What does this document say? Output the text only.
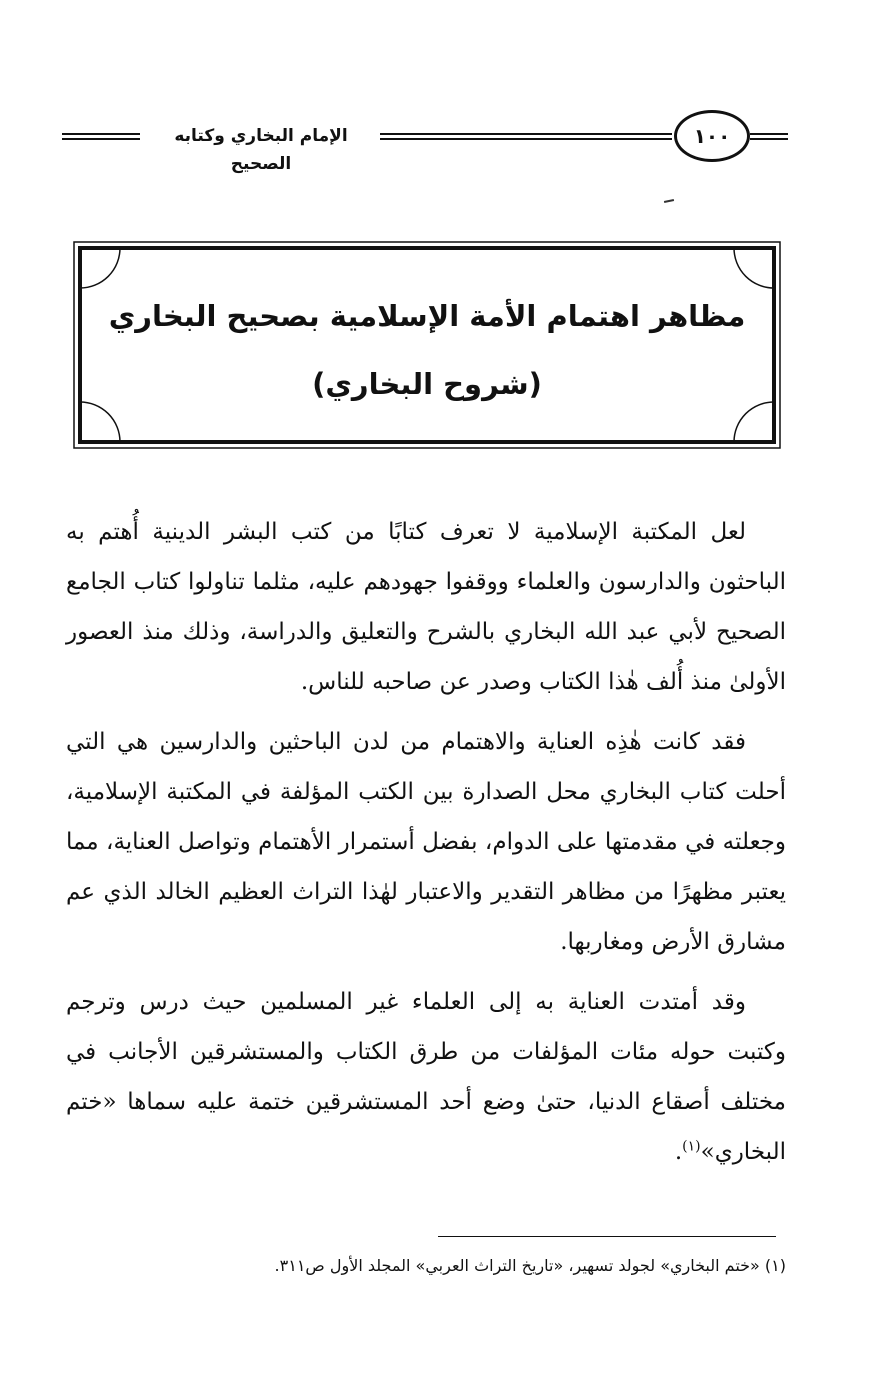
الإمام البخاري وكتابه الصحيح
١٠٠
مظاهر اهتمام الأمة الإسلامية بصحيح البخاري
(شروح البخاري)

لعل المكتبة الإسلامية لا تعرف كتابًا من كتب البشر الدينية أُهتم به الباحثون والدارسون والعلماء ووقفوا جهودهم عليه، مثلما تناولوا كتاب الجامع الصحيح لأبي عبد الله البخاري بالشرح والتعليق والدراسة، وذلك منذ العصور الأولىٰ منذ أُلف هٰذا الكتاب وصدر عن صاحبه للناس.

فقد كانت هٰذِه العناية والاهتمام من لدن الباحثين والدارسين هي التي أحلت كتاب البخاري محل الصدارة بين الكتب المؤلفة في المكتبة الإسلامية، وجعلته في مقدمتها على الدوام، بفضل أستمرار الأهتمام وتواصل العناية، مما يعتبر مظهرًا من مظاهر التقدير والاعتبار لهٰذا التراث العظيم الخالد الذي عم مشارق الأرض ومغاربها.

وقد أمتدت العناية به إلى العلماء غير المسلمين حيث درس وترجم وكتبت حوله مئات المؤلفات من طرق الكتاب والمستشرقين الأجانب في مختلف أصقاع الدنيا، حتىٰ وضع أحد المستشرقين ختمة عليه سماها «ختم البخاري»$^{(١)}$.

(١) «ختم البخاري» لجولد تسهير، «تاريخ التراث العربي» المجلد الأول ص٣١١.
